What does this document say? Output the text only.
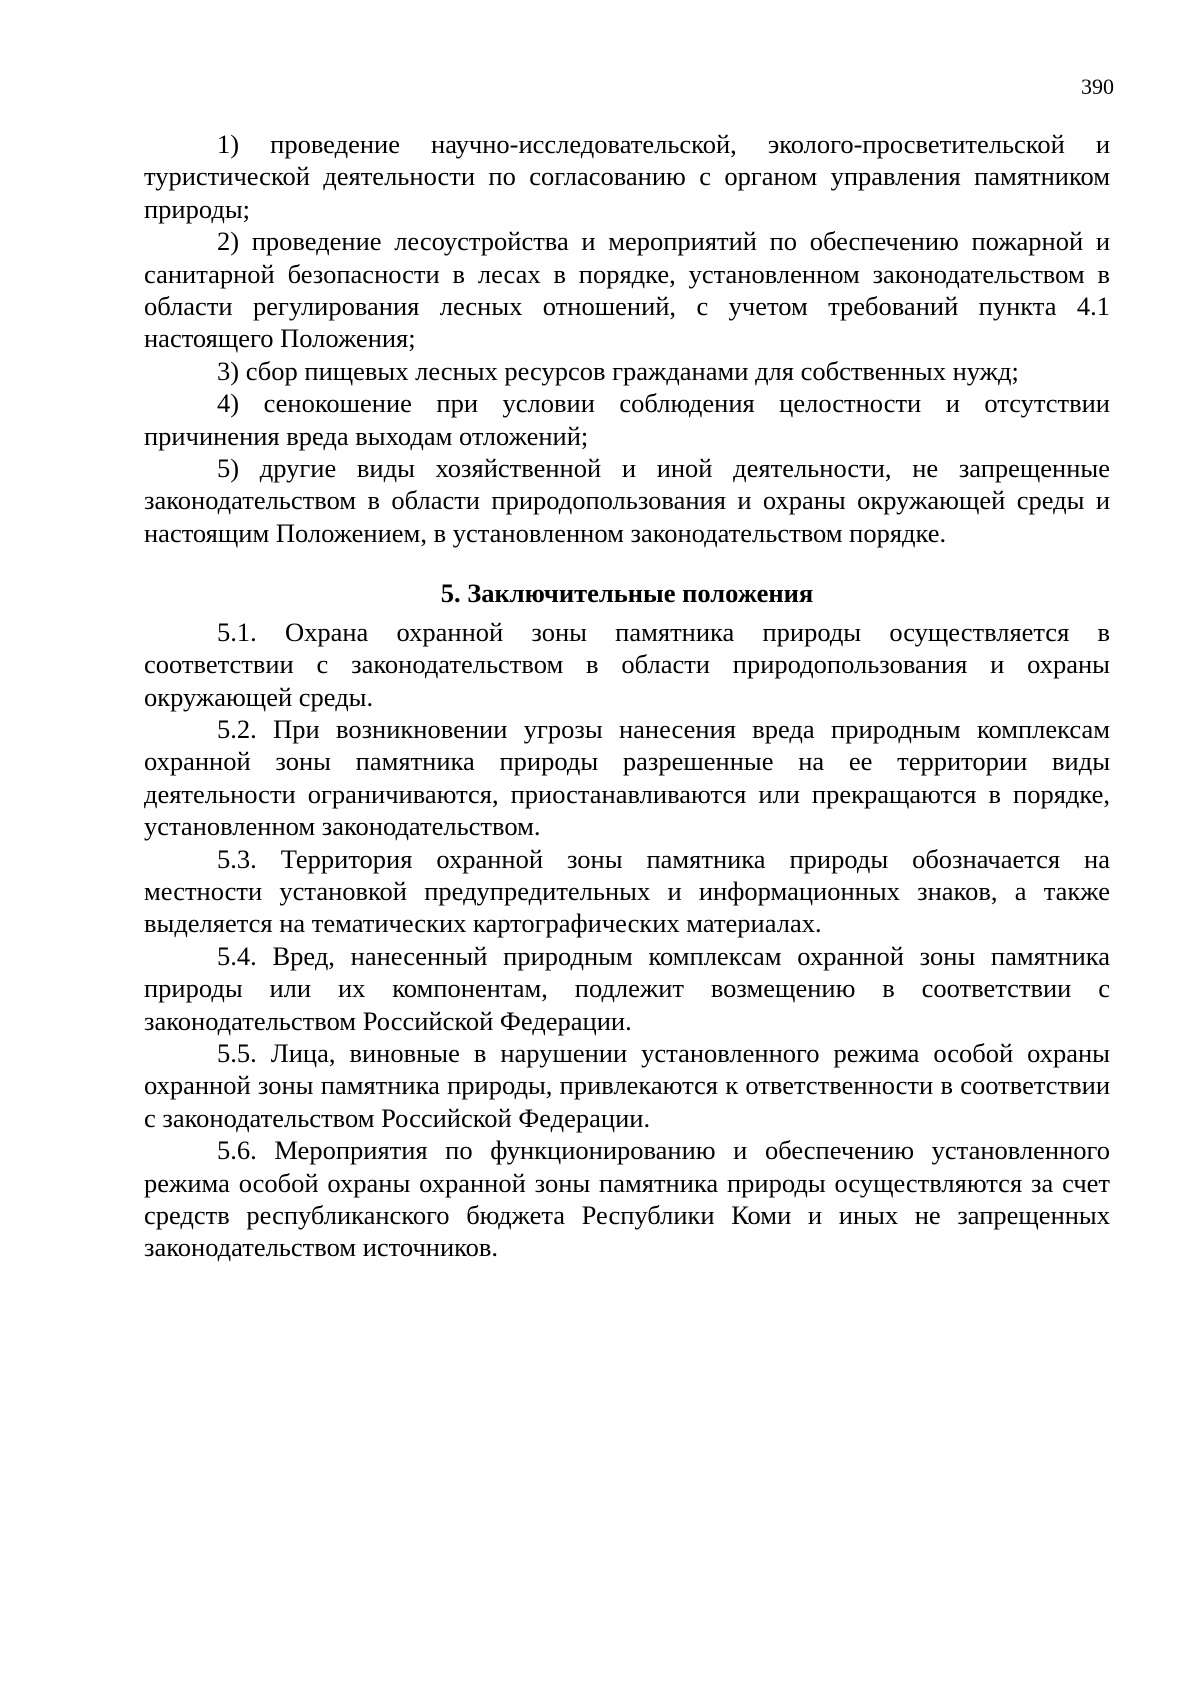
390

1) проведение научно-исследовательской, эколого-просветительской и туристической деятельности по согласованию с органом управления памятником природы;

2) проведение лесоустройства и мероприятий по обеспечению пожарной и санитарной безопасности в лесах в порядке, установленном законодательством в области регулирования лесных отношений, с учетом требований пункта 4.1 настоящего Положения;

3) сбор пищевых лесных ресурсов гражданами для собственных нужд;

4) сенокошение при условии соблюдения целостности и отсутствии причинения вреда выходам отложений;

5) другие виды хозяйственной и иной деятельности, не запрещенные законодательством в области природопользования и охраны окружающей среды и настоящим Положением, в установленном законодательством порядке.

5. Заключительные положения

5.1. Охрана охранной зоны памятника природы осуществляется в соответствии с законодательством в области природопользования и охраны окружающей среды.

5.2. При возникновении угрозы нанесения вреда природным комплексам охранной зоны памятника природы разрешенные на ее территории виды деятельности ограничиваются, приостанавливаются или прекращаются в порядке, установленном законодательством.

5.3. Территория охранной зоны памятника природы обозначается на местности установкой предупредительных и информационных знаков, а также выделяется на тематических картографических материалах.

5.4. Вред, нанесенный природным комплексам охранной зоны памятника природы или их компонентам, подлежит возмещению в соответствии с законодательством Российской Федерации.

5.5. Лица, виновные в нарушении установленного режима особой охраны охранной зоны памятника природы, привлекаются к ответственности в соответствии с законодательством Российской Федерации.

5.6. Мероприятия по функционированию и обеспечению установленного режима особой охраны охранной зоны памятника природы осуществляются за счет средств республиканского бюджета Республики Коми и иных не запрещенных законодательством источников.
